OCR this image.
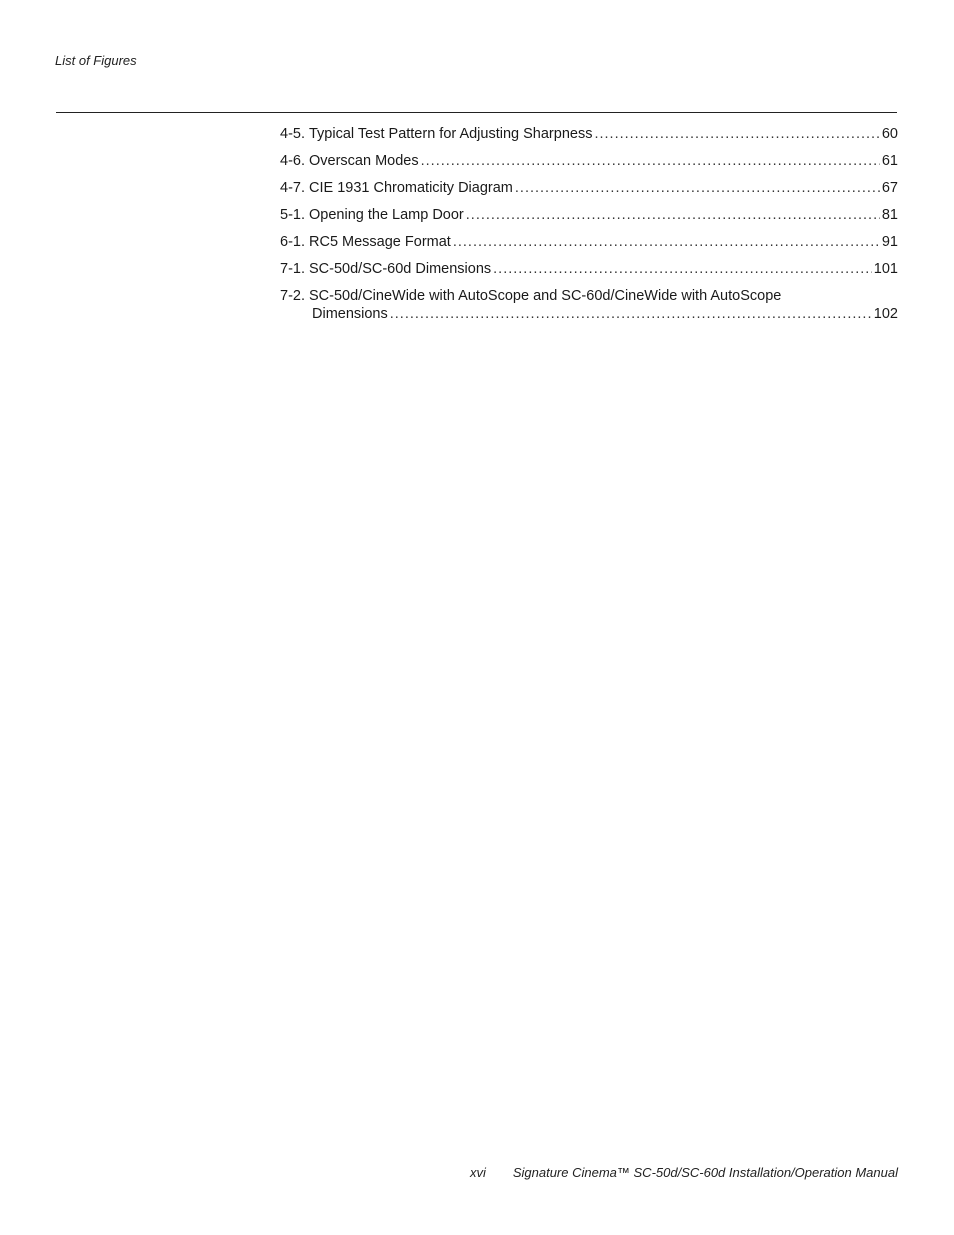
List of Figures
4-5. Typical Test Pattern for Adjusting Sharpness .....	60
4-6. Overscan Modes .....	61
4-7. CIE 1931 Chromaticity Diagram .....	67
5-1. Opening the Lamp Door .....	81
6-1. RC5 Message Format .....	91
7-1. SC-50d/SC-60d Dimensions .....	101
7-2. SC-50d/CineWide with AutoScope and SC-60d/CineWide with AutoScope
Dimensions .....	102
xvi Signature Cinema™ SC-50d/SC-60d Installation/Operation Manual
